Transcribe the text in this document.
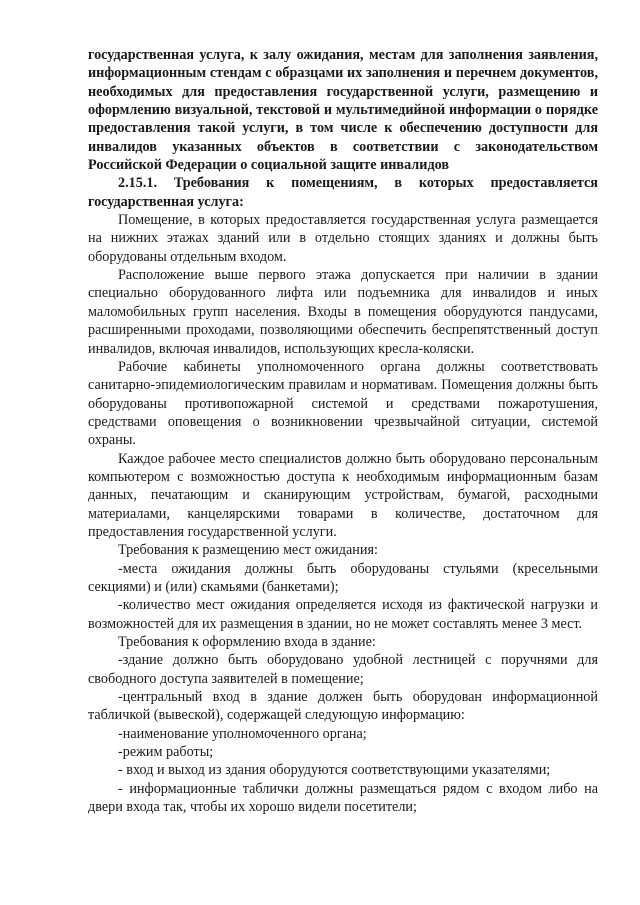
государственная услуга, к залу ожидания, местам для заполнения заявления, информационным стендам с образцами их заполнения и перечнем документов, необходимых для предоставления государственной услуги, размещению и оформлению визуальной, текстовой и мультимедийной информации о порядке предоставления такой услуги, в том числе к обеспечению доступности для инвалидов указанных объектов в соответствии с законодательством Российской Федерации о социальной защите инвалидов

2.15.1. Требования к помещениям, в которых предоставляется государственная услуга:

Помещение, в которых предоставляется государственная услуга размещается на нижних этажах зданий или в отдельно стоящих зданиях и должны быть оборудованы отдельным входом.

Расположение выше первого этажа допускается при наличии в здании специально оборудованного лифта или подъемника для инвалидов и иных маломобильных групп населения. Входы в помещения оборудуются пандусами, расширенными проходами, позволяющими обеспечить беспрепятственный доступ инвалидов, включая инвалидов, использующих кресла-коляски.

Рабочие кабинеты уполномоченного органа должны соответствовать санитарно-эпидемиологическим правилам и нормативам. Помещения должны быть оборудованы противопожарной системой и средствами пожаротушения, средствами оповещения о возникновении чрезвычайной ситуации, системой охраны.

Каждое рабочее место специалистов должно быть оборудовано персональным компьютером с возможностью доступа к необходимым информационным базам данных, печатающим и сканирующим устройствам, бумагой, расходными материалами, канцелярскими товарами в количестве, достаточном для предоставления государственной услуги.

Требования к размещению мест ожидания:

-места ожидания должны быть оборудованы стульями (кресельными секциями) и (или) скамьями (банкетами);

-количество мест ожидания определяется исходя из фактической нагрузки и возможностей для их размещения в здании, но не может составлять менее 3 мест.

Требования к оформлению входа в здание:

-здание должно быть оборудовано удобной лестницей с поручнями для свободного доступа заявителей в помещение;

-центральный вход в здание должен быть оборудован информационной табличкой (вывеской), содержащей следующую информацию:

-наименование уполномоченного органа;

-режим работы;

- вход и выход из здания оборудуются соответствующими указателями;

- информационные таблички должны размещаться рядом с входом либо на двери входа так, чтобы их хорошо видели посетители;
